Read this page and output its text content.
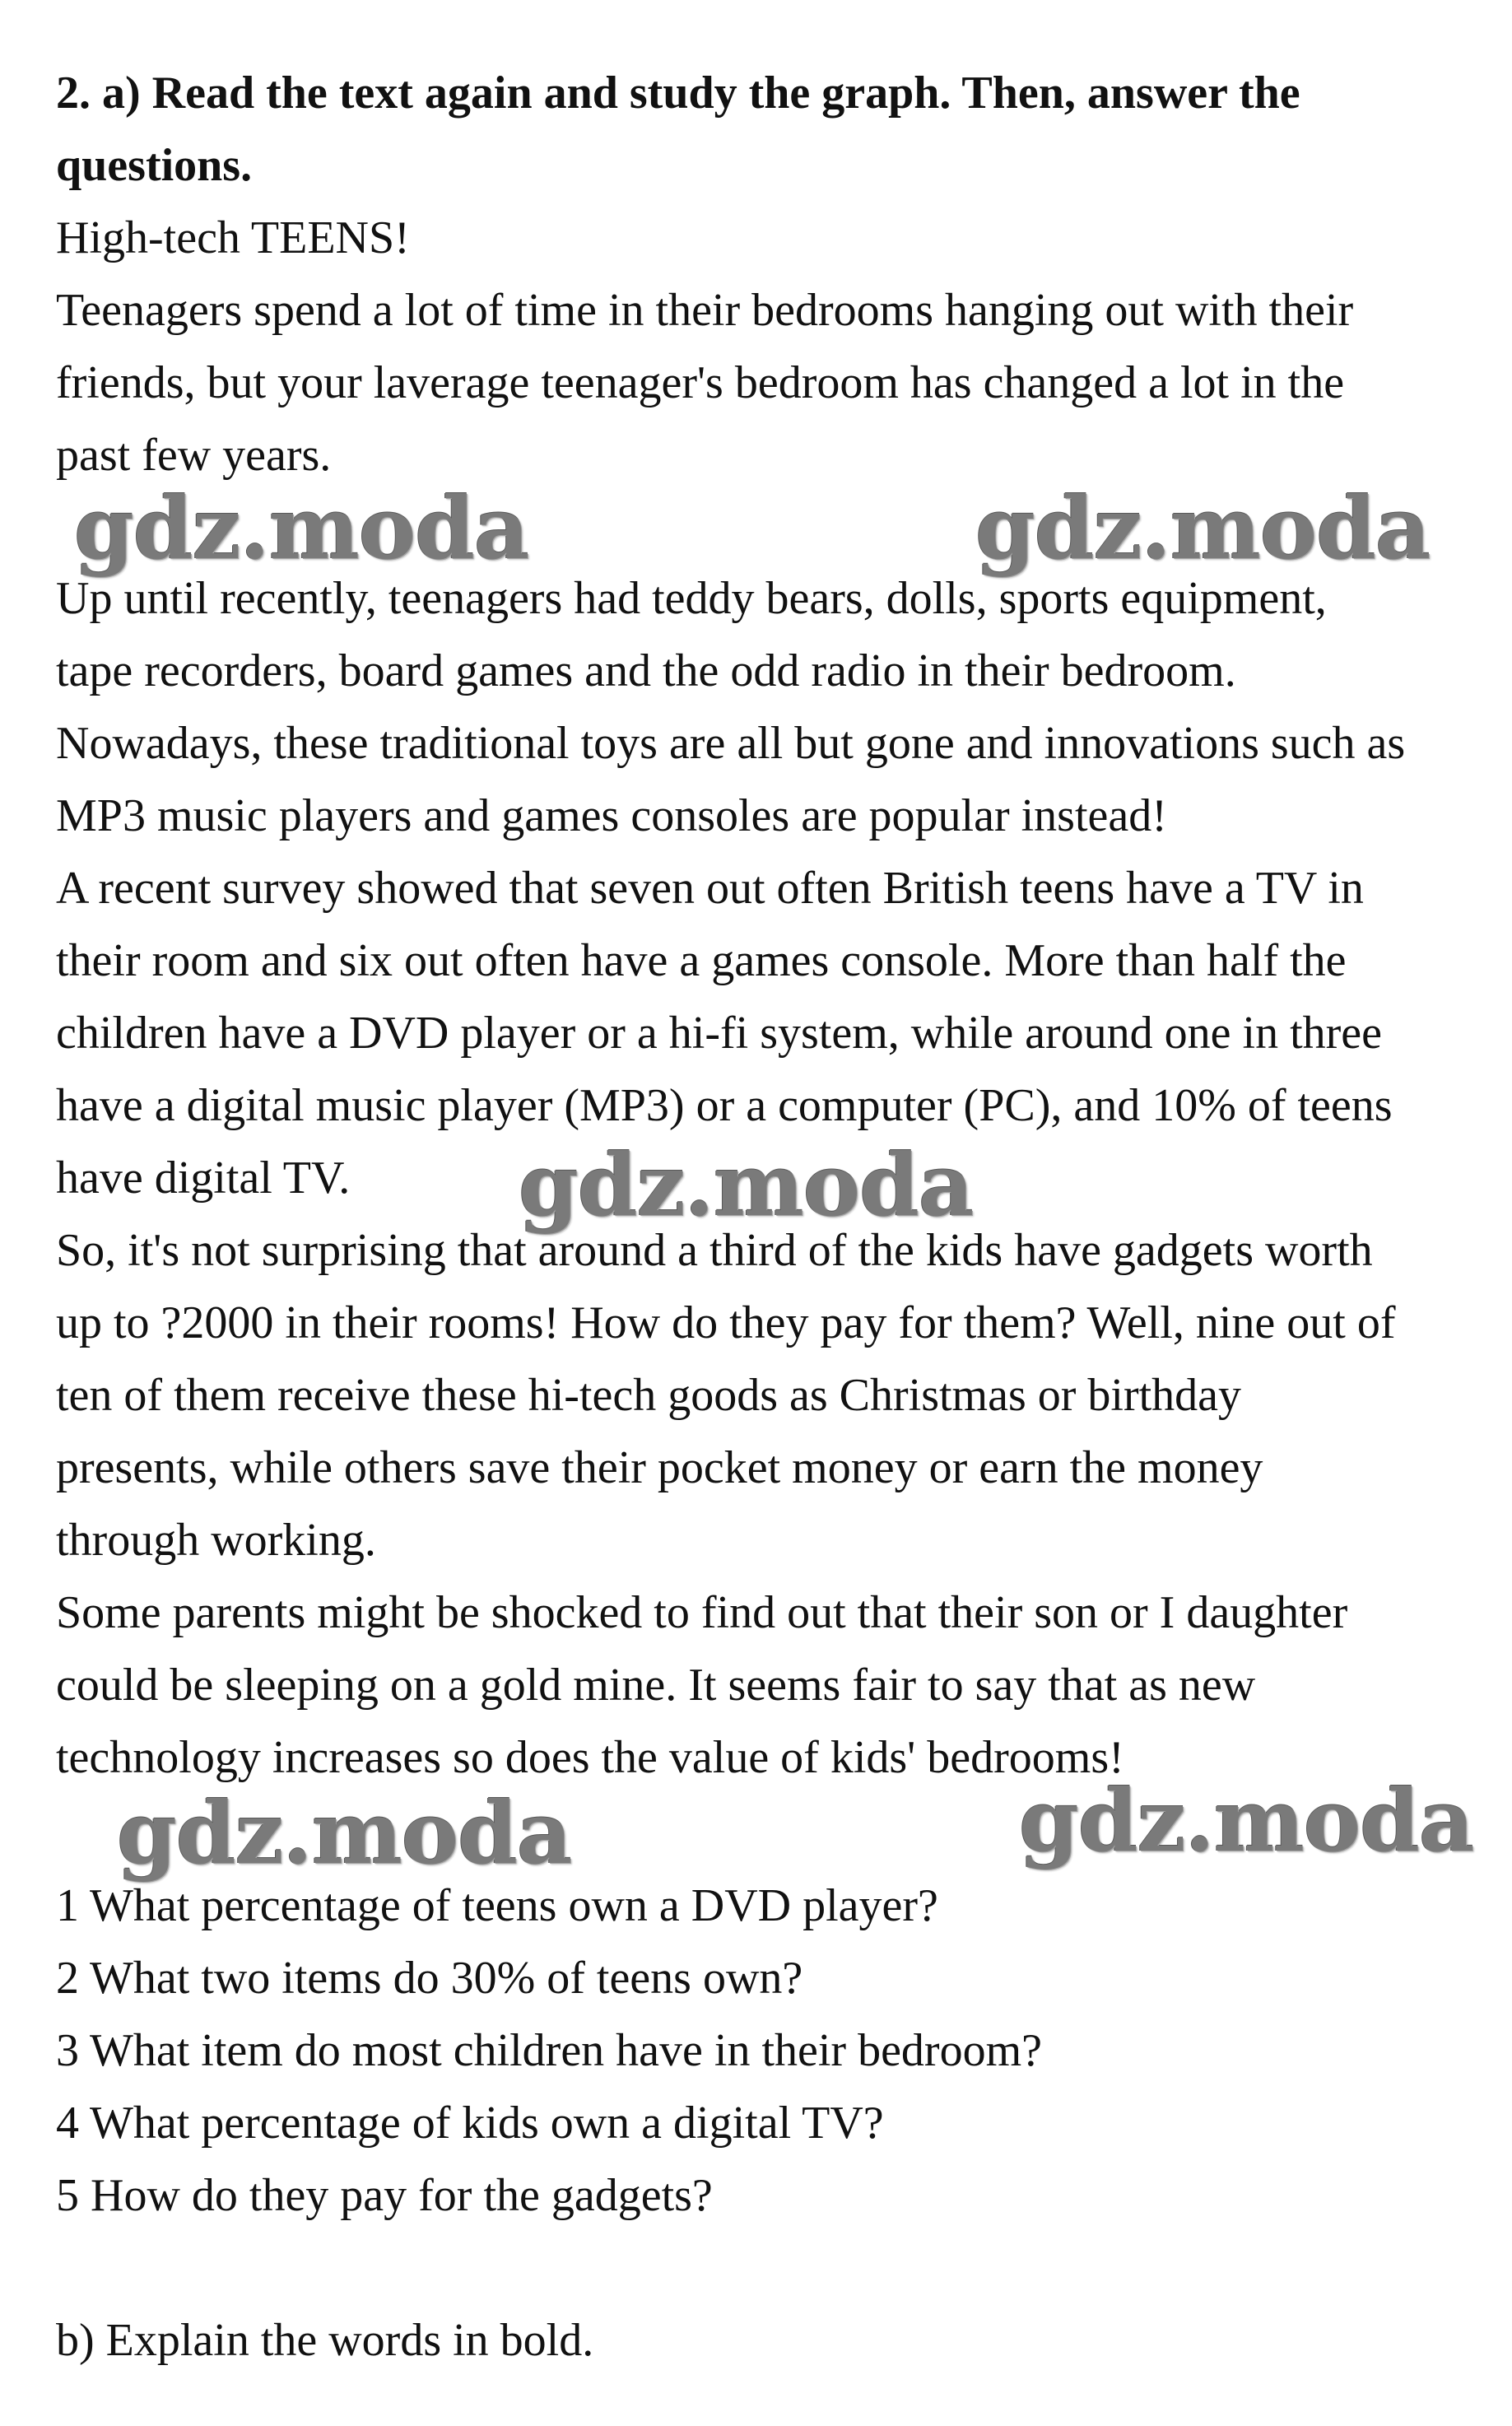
2. a) Read the text again and study the graph. Then, answer the
questions.
High-tech TEENS!
Teenagers spend a lot of time in their bedrooms hanging out with their
friends, but your laverage teenager's bedroom has changed a lot in the
past few years.
gdz.moda	gdz.moda
Up until recently, teenagers had teddy bears, dolls, sports equipment,
tape recorders, board games and the odd radio in their bedroom.
Nowadays, these traditional toys are all but gone and innovations such as
MP3 music players and games consoles are popular instead!
A recent survey showed that seven out often British teens have a TV in
their room and six out often have a games console. More than half the
children have a DVD player or a hi-fi system, while around one in three
have a digital music player (MP3) or a computer (PC), and 10% of teens
have digital TV. gdz.moda
So, it's not surprising that around a third of the kids have gadgets worth
up to ?2000 in their rooms! How do they pay for them? Well, nine out of
ten of them receive these hi-tech goods as Christmas or birthday
presents, while others save their pocket money or earn the money
through working.
Some parents might be shocked to find out that their son or I daughter
could be sleeping on a gold mine. It seems fair to say that as new
technology increases so does the value of kids' bedrooms!
gdz.moda	gdz.moda
1 What percentage of teens own a DVD player?
2 What two items do 30% of teens own?
3 What item do most children have in their bedroom?
4 What percentage of kids own a digital TV?
5 How do they pay for the gadgets?
b) Explain the words in bold.
